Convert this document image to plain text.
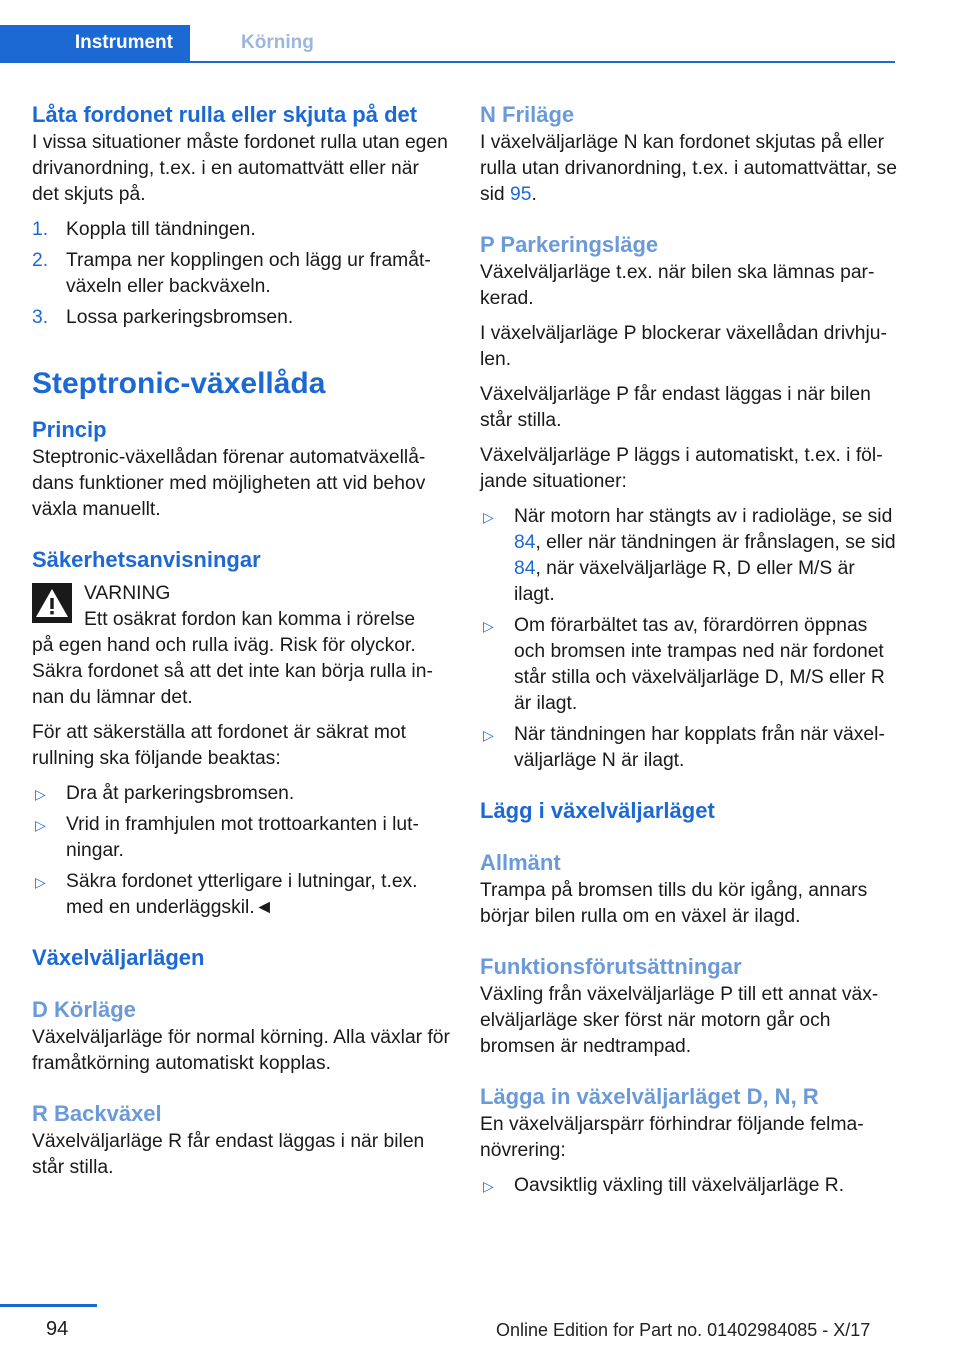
Instrument	Körning
Låta fordonet rulla eller skjuta på det

I vissa situationer måste fordonet rulla utan egen drivanordning, t.ex. i en automattvätt eller när det skjuts på.

1. Koppla till tändningen.
2. Trampa ner kopplingen och lägg ur framåtväxeln eller backväxeln.
3. Lossa parkeringsbromsen.
Steptronic-växellåda
Princip

Steptronic-växellådan förenar automatväxellådans funktioner med möjligheten att vid behov växla manuellt.

Säkerhetsanvisningar

VARNING

Ett osäkrat fordon kan komma i rörelse

på egen hand och rulla iväg. Risk för olyckor. Säkra fordonet så att det inte kan börja rulla innan du lämnar det.

För att säkerställa att fordonet är säkrat mot rullning ska följande beaktas:

▷ Dra åt parkeringsbromsen.
▷ Vrid in framhjulen mot trottoarkanten i lutningar.
▷ Säkra fordonet ytterligare i lutningar, t.ex. med en underläggskil.◄
Växelväljarlägen
D Körläge

Växelväljarläge för normal körning. Alla växlar för framåtkörning automatiskt kopplas.

R Backväxel

Växelväljarläge R får endast läggas i när bilen står stilla.

N Friläge

I växelväljarläge N kan fordonet skjutas på eller rulla utan drivanordning, t.ex. i automattvättar, se sid 95.

P Parkeringsläge

Växelväljarläge t.ex. när bilen ska lämnas parkerad.

I växelväljarläge P blockerar växellådan drivhjulen.

Växelväljarläge P får endast läggas i när bilen står stilla.

Växelväljarläge P läggs i automatiskt, t.ex. i följande situationer:

▷ När motorn har stängts av i radioläge, se sid 84, eller när tändningen är frånslagen, se sid 84, när växelväljarläge R, D eller M/S är ilagt.
▷ Om förarbältet tas av, förardörren öppnas och bromsen inte trampas ned när fordonet står stilla och växelväljarläge D, M/S eller R är ilagt.
▷ När tändningen har kopplats från när växelväljarläge N är ilagt.
Lägg i växelväljarläget
Allmänt

Trampa på bromsen tills du kör igång, annars börjar bilen rulla om en växel är ilagd.

Funktionsförutsättningar

Växling från växelväljarläge P till ett annat växelväljarläge sker först när motorn går och bromsen är nedtrampad.

Lägga in växelväljarläget D, N, R

En växelväljarspärr förhindrar följande felmanövrering:

▷ Oavsiktlig växling till växelväljarläge R.
94	Online Edition for Part no. 01402984085 - X/17
